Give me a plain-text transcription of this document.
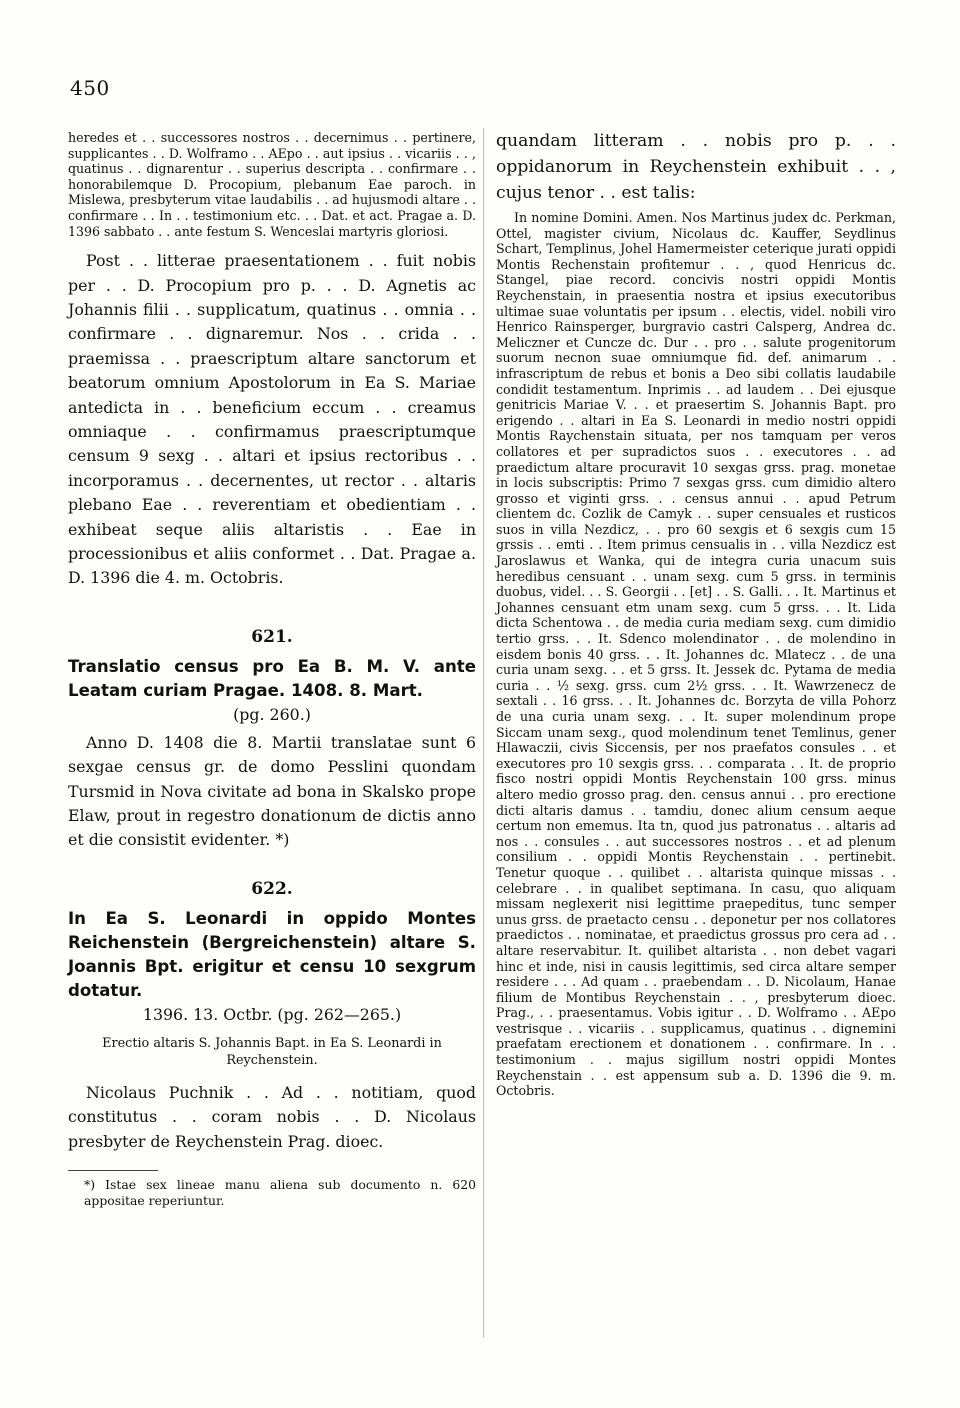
450

heredes et . . successores nostros . . decernimus . . pertinere, supplicantes . . D. Wolframo . . AEpo . . aut ipsius . . vicariis . . , quatinus . . dignarentur . . superius descripta . . confirmare . . honorabilemque D. Procopium, plebanum Eae paroch. in Mislewa, presbyterum vitae laudabilis . . ad hujusmodi altare . . confirmare . . In . . testimonium etc. . . Dat. et act. Pragae a. D. 1396 sabbato . . ante festum S. Wenceslai martyris gloriosi.

Post . . litterae praesentationem . . fuit nobis per . . D. Procopium pro p. . . D. Agnetis ac Johannis filii . . supplicatum, quatinus . . omnia . . confirmare . . dignaremur. Nos . . crida . . praemissa . . praescriptum altare sanctorum et beatorum omnium Apostolorum in Ea S. Mariae antedicta in . . beneficium eccum . . creamus omniaque . . confirmamus praescriptumque censum 9 sexg . . altari et ipsius rectoribus . . incorporamus . . decernentes, ut rector . . altaris plebano Eae . . reverentiam et obedientiam . . exhibeat seque aliis altaristis . . Eae in processionibus et aliis conformet . . Dat. Pragae a. D. 1396 die 4. m. Octobris.

621.

Translatio census pro Ea B. M. V. ante Leatam curiam Pragae. 1408. 8. Mart.

(pg. 260.)

Anno D. 1408 die 8. Martii translatae sunt 6 sexgae census gr. de domo Pesslini quondam Tursmid in Nova civitate ad bona in Skalsko prope Elaw, prout in regestro donationum de dictis anno et die consistit evidenter. *)

622.

In Ea S. Leonardi in oppido Montes Reichenstein (Bergreichenstein) altare S. Joannis Bpt. erigitur et censu 10 sexgrum dotatur.

1396. 13. Octbr. (pg. 262—265.)

Erectio altaris S. Johannis Bapt. in Ea S. Leonardi in Reychenstein.

Nicolaus Puchnik . . Ad . . notitiam, quod constitutus . . coram nobis . . D. Nicolaus presbyter de Reychenstein Prag. dioec.

*) Istae sex lineae manu aliena sub documento n. 620 appositae reperiuntur.

quandam litteram . . nobis pro p. . . oppidanorum in Reychenstein exhibuit . . , cujus tenor . . est talis:

In nomine Domini. Amen. Nos Martinus judex dc. Perkman, Ottel, magister civium, Nicolaus dc. Kauffer, Seydlinus Schart, Templinus, Johel Hamermeister ceterique jurati oppidi Montis Rechenstain profitemur . . , quod Henricus dc. Stangel, piae record. concivis nostri oppidi Montis Reychenstain, in praesentia nostra et ipsius executoribus ultimae suae voluntatis per ipsum . . electis, videl. nobili viro Henrico Rainsperger, burgravio castri Calsperg, Andrea dc. Meliczner et Cuncze dc. Dur . . pro . . salute progenitorum suorum necnon suae omniumque fid. def. animarum . . infrascriptum de rebus et bonis a Deo sibi collatis laudabile condidit testamentum. Inprimis . . ad laudem . . Dei ejusque genitricis Mariae V. . . et praesertim S. Johannis Bapt. pro erigendo . . altari in Ea S. Leonardi in medio nostri oppidi Montis Raychenstain situata, per nos tamquam per veros collatores et per supradictos suos . . executores . . ad praedictum altare procuravit 10 sexgas grss. prag. monetae in locis subscriptis: Primo 7 sexgas grss. cum dimidio altero grosso et viginti grss. . . census annui . . apud Petrum clientem dc. Cozlik de Camyk . . super censuales et rusticos suos in villa Nezdicz, . . pro 60 sexgis et 6 sexgis cum 15 grssis . . emti . . Item primus censualis in . . villa Nezdicz est Jaroslawus et Wanka, qui de integra curia unacum suis heredibus censuant . . unam sexg. cum 5 grss. in terminis duobus, videl. . . S. Georgii . . [et] . . S. Galli. . . It. Martinus et Johannes censuant etm unam sexg. cum 5 grss. . . It. Lida dicta Schentowa . . de media curia mediam sexg. cum dimidio tertio grss. . . It. Sdenco molendinator . . de molendino in eisdem bonis 40 grss. . . It. Johannes dc. Mlatecz . . de una curia unam sexg. . . et 5 grss. It. Jessek dc. Pytama de media curia . . ½ sexg. grss. cum 2½ grss. . . It. Wawrzenecz de sextali . . 16 grss. . . It. Johannes dc. Borzyta de villa Pohorz de una curia unam sexg. . . It. super molendinum prope Siccam unam sexg., quod molendinum tenet Temlinus, gener Hlawaczii, civis Siccensis, per nos praefatos consules . . et executores pro 10 sexgis grss. . . comparata . . It. de proprio fisco nostri oppidi Montis Reychenstain 100 grss. minus altero medio grosso prag. den. census annui . . pro erectione dicti altaris damus . . tamdiu, donec alium censum aeque certum non ememus. Ita tn, quod jus patronatus . . altaris ad nos . . consules . . aut successores nostros . . et ad plenum consilium . . oppidi Montis Reychenstain . . pertinebit. Tenetur quoque . . quilibet . . altarista quinque missas . . celebrare . . in qualibet septimana. In casu, quo aliquam missam neglexerit nisi legittime praepeditus, tunc semper unus grss. de praetacto censu . . deponetur per nos collatores praedictos . . nominatae, et praedictus grossus pro cera ad . . altare reservabitur. It. quilibet altarista . . non debet vagari hinc et inde, nisi in causis legittimis, sed circa altare semper residere . . . Ad quam . . praebendam . . D. Nicolaum, Hanae filium de Montibus Reychenstain . . , presbyterum dioec. Prag., . . praesentamus. Vobis igitur . . D. Wolframo . . AEpo vestrisque . . vicariis . . supplicamus, quatinus . . dignemini praefatam erectionem et donationem . . confirmare. In . . testimonium . . majus sigillum nostri oppidi Montes Reychenstain . . est appensum sub a. D. 1396 die 9. m. Octobris.
